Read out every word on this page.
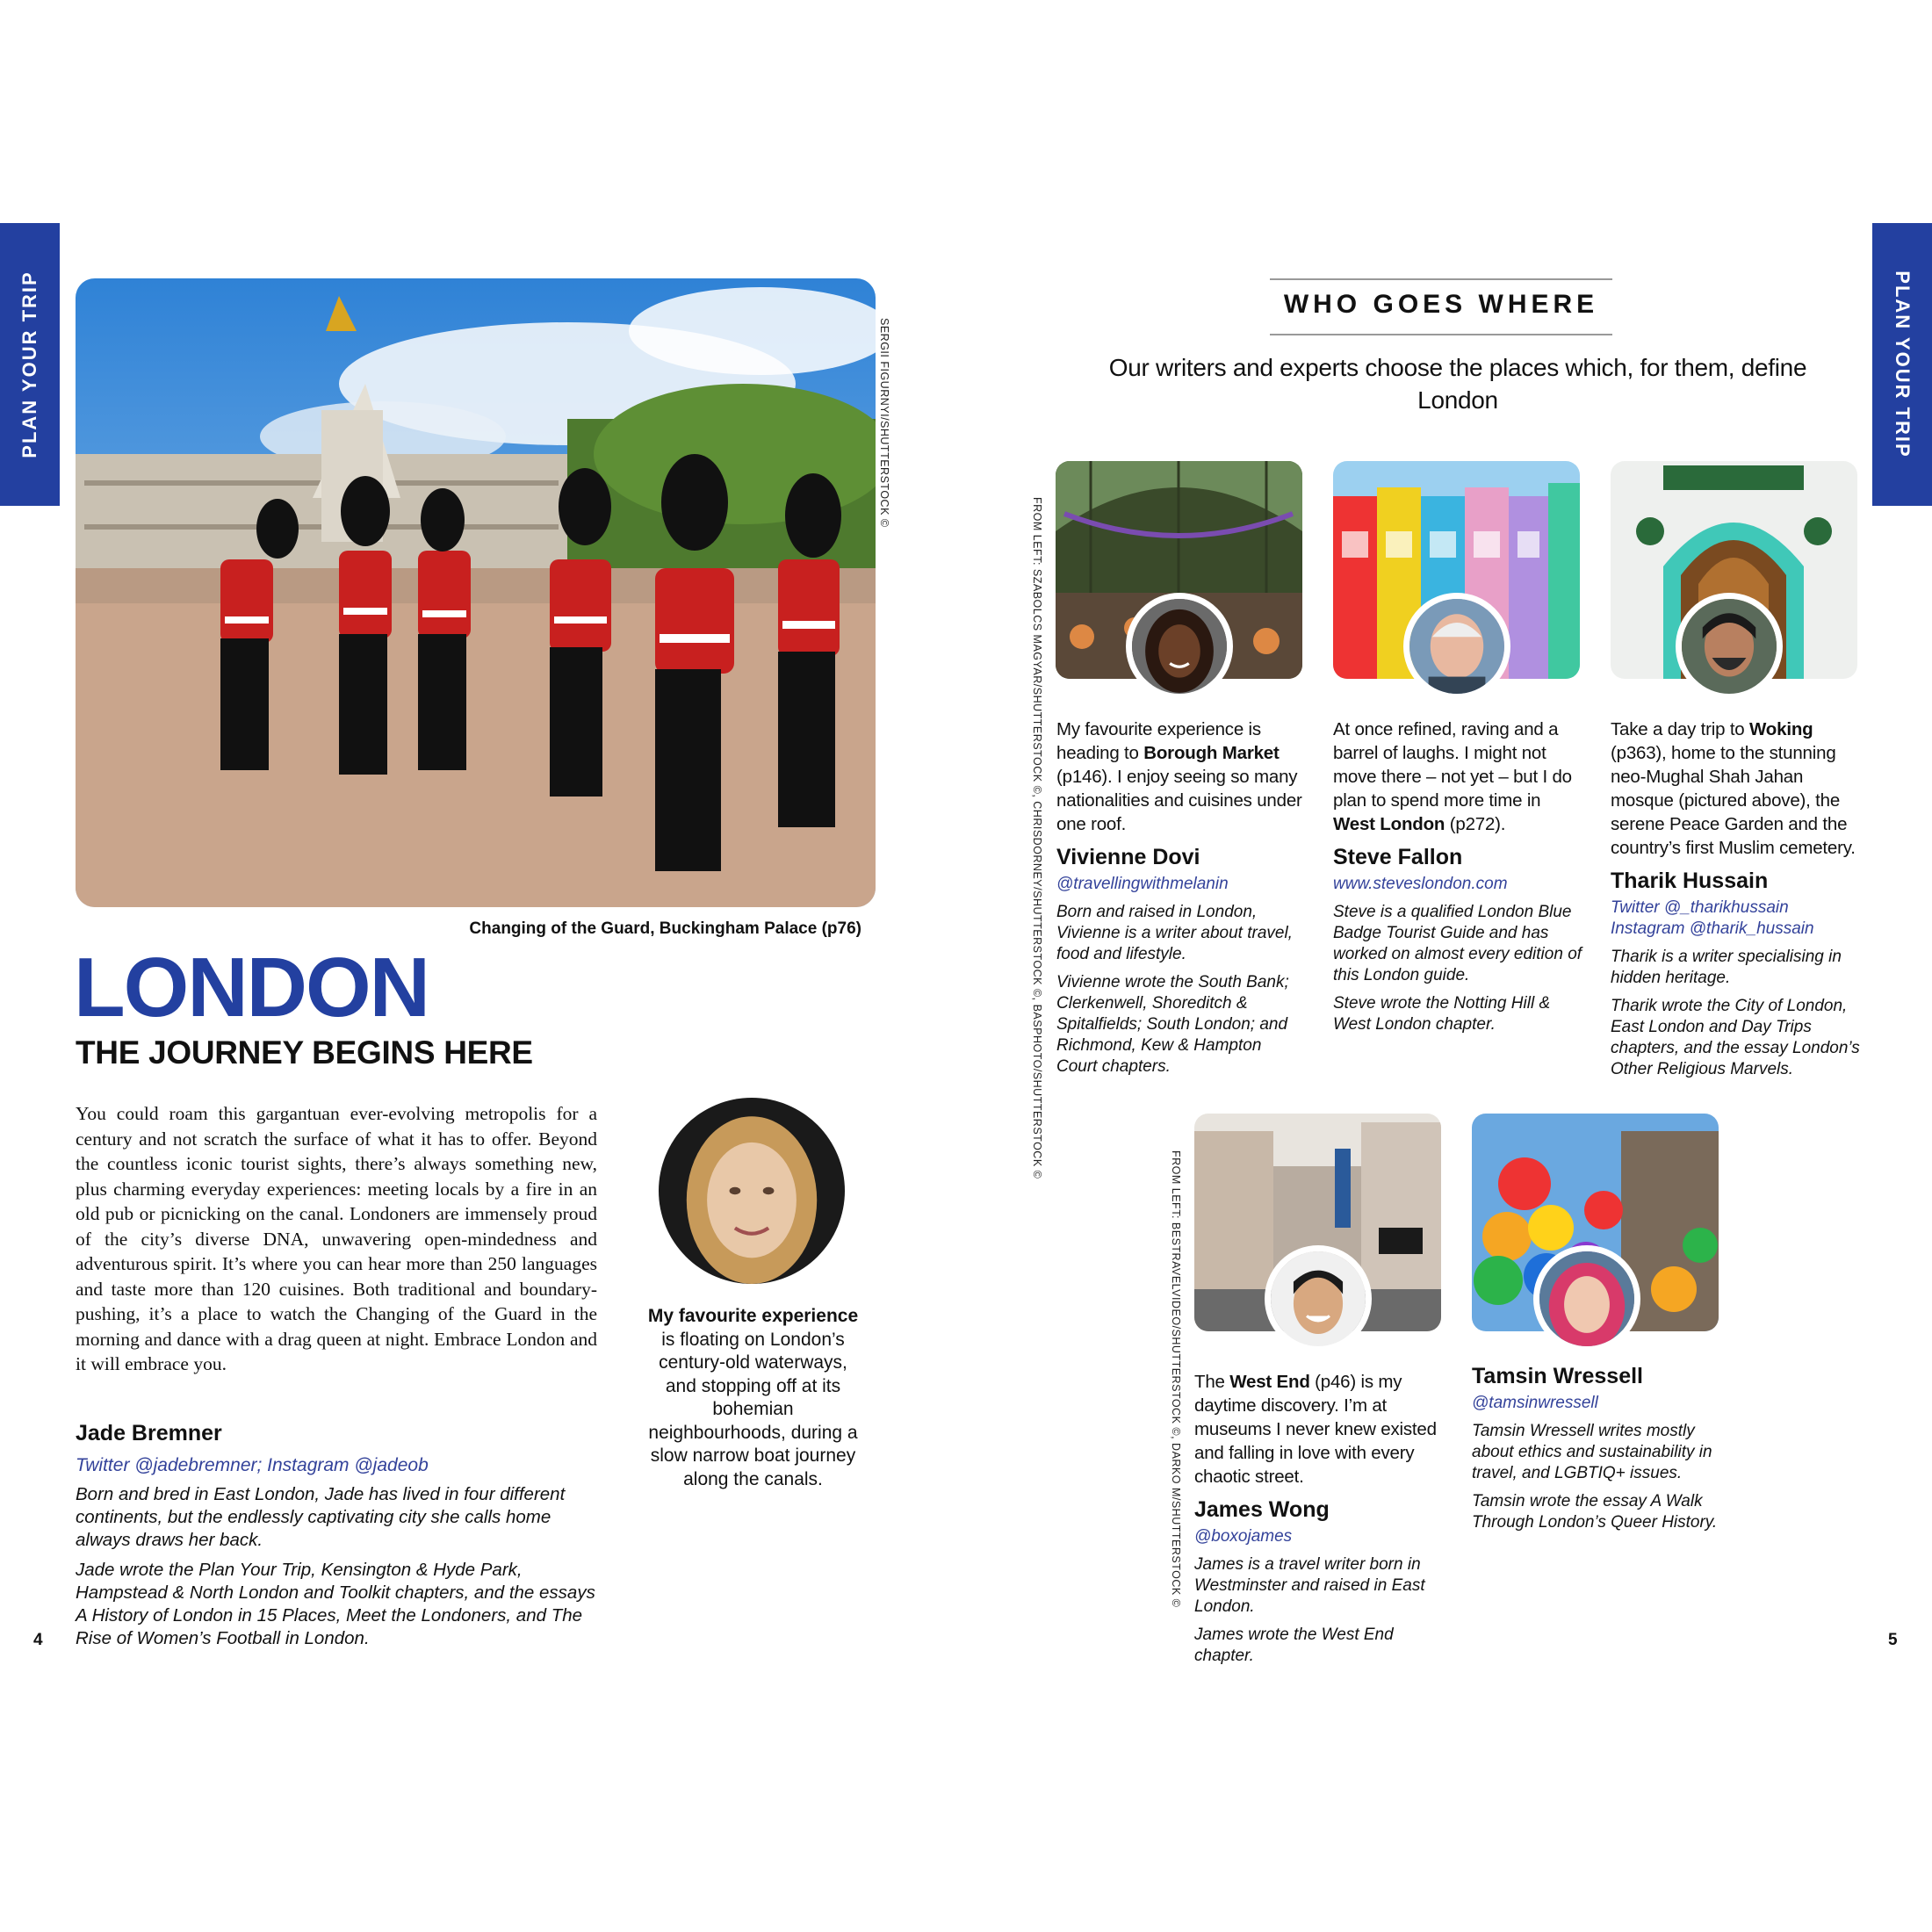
PLAN YOUR TRIP	PLAN YOUR TRIP
SERGII FIGURNYI/SHUTTERSTOCK ©
Changing of the Guard, Buckingham Palace (p76)
LONDON
THE JOURNEY BEGINS HERE
You could roam this gargantuan ever-evolving metropolis for a century and not scratch the surface of what it has to offer. Beyond the countless iconic tourist sights, there’s always something new, plus charming everyday experiences: meeting locals by a fire in an old pub or picnicking on the canal. Londoners are immensely proud of the city’s diverse DNA, unwavering open-mindedness and adventurous spirit. It’s where you can hear more than 250 languages and taste more than 120 cuisines. Both traditional and boundary-pushing, it’s a place to watch the Changing of the Guard in the morning and dance with a drag queen at night. Embrace London and it will embrace you.
Jade Bremner
Twitter @jadebremner; Instagram @jadeob
Born and bred in East London, Jade has lived in four different continents, but the endlessly captivating city she calls home always draws her back.
Jade wrote the Plan Your Trip, Kensington & Hyde Park, Hampstead & North London and Toolkit chapters, and the essays A History of London in 15 Places, Meet the Londoners, and The Rise of Women’s Football in London.
My favourite experience is floating on London’s century-old waterways, and stopping off at its bohemian neighbourhoods, during a slow narrow boat journey along the canals.
4
WHO GOES WHERE
Our writers and experts choose the places which, for them, define London
FROM LEFT: SZABOLCS MAGYAR/SHUTTERSTOCK ©, CHRISDORNEY/SHUTTERSTOCK ©, BASPHOTO/SHUTTERSTOCK ©
FROM LEFT: BESTRAVELVIDEO/SHUTTERSTOCK ©, DARKO M/SHUTTERSTOCK ©
My favourite experience is heading to Borough Market (p146). I enjoy seeing so many nationalities and cuisines under one roof.
Vivienne Dovi
@travellingwithmelanin
Born and raised in London, Vivienne is a writer about travel, food and lifestyle.
Vivienne wrote the South Bank; Clerkenwell, Shoreditch & Spitalfields; South London; and Richmond, Kew & Hampton Court chapters.
At once refined, raving and a barrel of laughs. I might not move there – not yet – but I do plan to spend more time in West London (p272).
Steve Fallon
www.steveslondon.com
Steve is a qualified London Blue Badge Tourist Guide and has worked on almost every edition of this London guide.
Steve wrote the Notting Hill & West London chapter.
Take a day trip to Woking (p363), home to the stunning neo-Mughal Shah Jahan mosque (pictured above), the serene Peace Garden and the country’s first Muslim cemetery.
Tharik Hussain
Twitter @_tharikhussain
Instagram @tharik_hussain
Tharik is a writer specialising in hidden heritage.
Tharik wrote the City of London, East London and Day Trips chapters, and the essay London’s Other Religious Marvels.
The West End (p46) is my daytime discovery. I’m at museums I never knew existed and falling in love with every chaotic street.
James Wong
@boxojames
James is a travel writer born in Westminster and raised in East London.
James wrote the West End chapter.
Tamsin Wressell
@tamsinwressell
Tamsin Wressell writes mostly about ethics and sustainability in travel, and LGBTIQ+ issues.
Tamsin wrote the essay A Walk Through London’s Queer History.
5
